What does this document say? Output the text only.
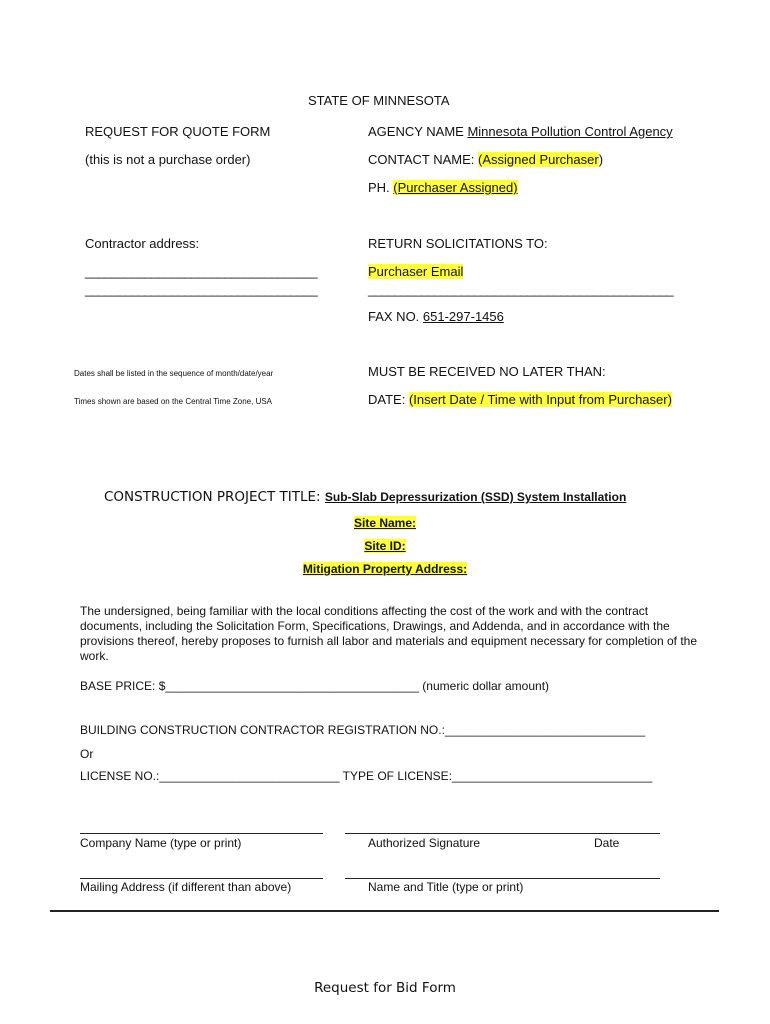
STATE OF MINNESOTA
REQUEST FOR QUOTE FORM
(this is not a purchase order)
Contractor address:
___________________________________
___________________________________
Dates shall be listed in the sequence of month/date/year
Times shown are based on the Central Time Zone, USA
AGENCY NAME Minnesota Pollution Control Agency
CONTACT NAME: (Assigned Purchaser)
PH. (Purchaser Assigned)
RETURN SOLICITATIONS TO:
Purchaser Email
______________________________________________
FAX NO. 651-297-1456
MUST BE RECEIVED NO LATER THAN:
DATE: (Insert Date / Time with Input from Purchaser)
CONSTRUCTION PROJECT TITLE: Sub-Slab Depressurization (SSD) System Installation
Site Name:
Site ID:
Mitigation Property Address:
The undersigned, being familiar with the local conditions affecting the cost of the work and with the contract documents, including the Solicitation Form, Specifications, Drawings, and Addenda, and in accordance with the provisions thereof, hereby proposes to furnish all labor and materials and equipment necessary for completion of the work.
BASE PRICE: $______________________________________ (numeric dollar amount)
BUILDING CONSTRUCTION CONTRACTOR REGISTRATION NO.:______________________________
Or
LICENSE NO.:___________________________ TYPE OF LICENSE:______________________________
Company Name (type or print)	Authorized Signature	Date
Mailing Address (if different than above)	Name and Title (type or print)
Request for Bid Form
